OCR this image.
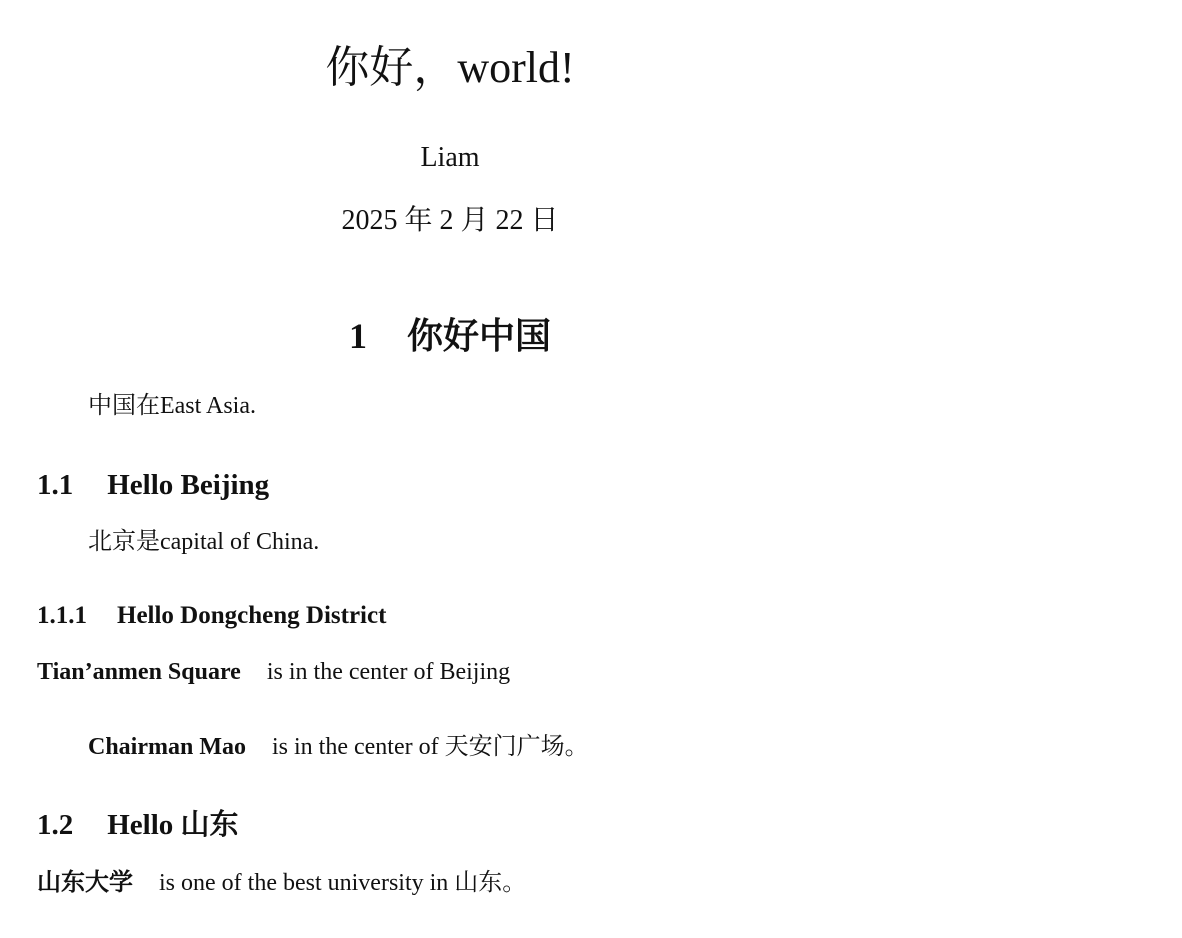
你好，world!
Liam
2025 年 2 月 22 日
1 你好中国
中国在East Asia.
1.1 Hello Beijing
北京是capital of China.
1.1.1 Hello Dongcheng District
Tian’anmen Square is in the center of Beijing
Chairman Mao is in the center of 天安门广场。
1.2 Hello 山东
山东大学 is one of the best university in 山东。
